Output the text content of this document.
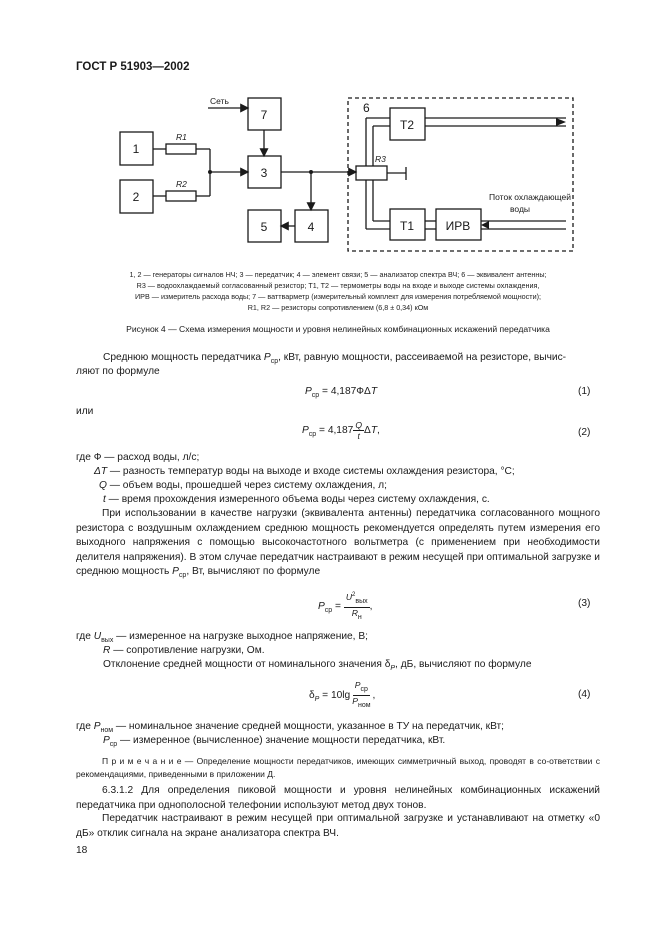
ГОСТ Р 51903—2002
7
1
2
3
5	4
6
T2
T1	ИРВ
Сеть
R1
R2
R3
Поток охлаждающей
воды
1, 2 — генераторы сигналов НЧ; 3 — передатчик; 4 — элемент связи; 5 — анализатор спектра ВЧ; 6 — эквивалент антенны;
R3 — водоохлаждаемый согласованный резистор; T1, T2 — термометры воды на входе и выходе системы охлаждения,
ИРВ — измеритель расхода воды; 7 — ваттварметр (измерительный комплект для измерения потребляемой мощности);
R1, R2 — резисторы сопротивлением (6,8 ± 0,34) кОм
Рисунок 4 — Схема измерения мощности и уровня нелинейных комбинационных искажений передатчика
Среднюю мощность передатчика $P_{ср}$, кВт, равную мощности, рассеиваемой на резисторе, вычис-
ляют по формуле
$P_{ср} = 4,187Ф\Delta T$	(1)
или
$P_{ср} = 4,187 \frac{Q}{t} \Delta T$,	(2)
где Ф — расход воды, л/с;
ΔT — разность температур воды на выходе и входе системы охлаждения резистора, °C;
Q — объем воды, прошедшей через систему охлаждения, л;
t — время прохождения измеренного объема воды через систему охлаждения, с.
При использовании в качестве нагрузки (эквивалента антенны) передатчика согласованного мощного резистора с воздушным охлаждением среднюю мощность рекомендуется определять путем измерения его выходного напряжения с помощью высокочастотного вольтметра (с применением при необходимости делителя напряжения). В этом случае передатчик настраивают в режим несущей при оптимальной загрузке и среднюю мощность $P_{ср}$, Вт, вычисляют по формуле
$P_{ср} = \frac{U^2_{вых}}{R_н}$ ,	(3)
где $U_{вых}$ — измеренное на нагрузке выходное напряжение, В;
R — сопротивление нагрузки, Ом.
Отклонение средней мощности от номинального значения $\delta_P$, дБ, вычисляют по формуле
$\delta_P = 10\lg \frac{P_{ср}}{P_{ном}}$ ,	(4)
где $P_{ном}$ — номинальное значение средней мощности, указанное в ТУ на передатчик, кВт;
$P_{ср}$ — измеренное (вычисленное) значение мощности передатчика, кВт.
П р и м е ч а н и е — Определение мощности передатчиков, имеющих симметричный выход, проводят в со-ответствии с рекомендациями, приведенными в приложении Д.
6.3.1.2 Для определения пиковой мощности и уровня нелинейных комбинационных искажений передатчика при однополосной телефонии используют метод двух тонов.
Передатчик настраивают в режим несущей при оптимальной загрузке и устанавливают на отметку «0 дБ» отклик сигнала на экране анализатора спектра ВЧ.
18
